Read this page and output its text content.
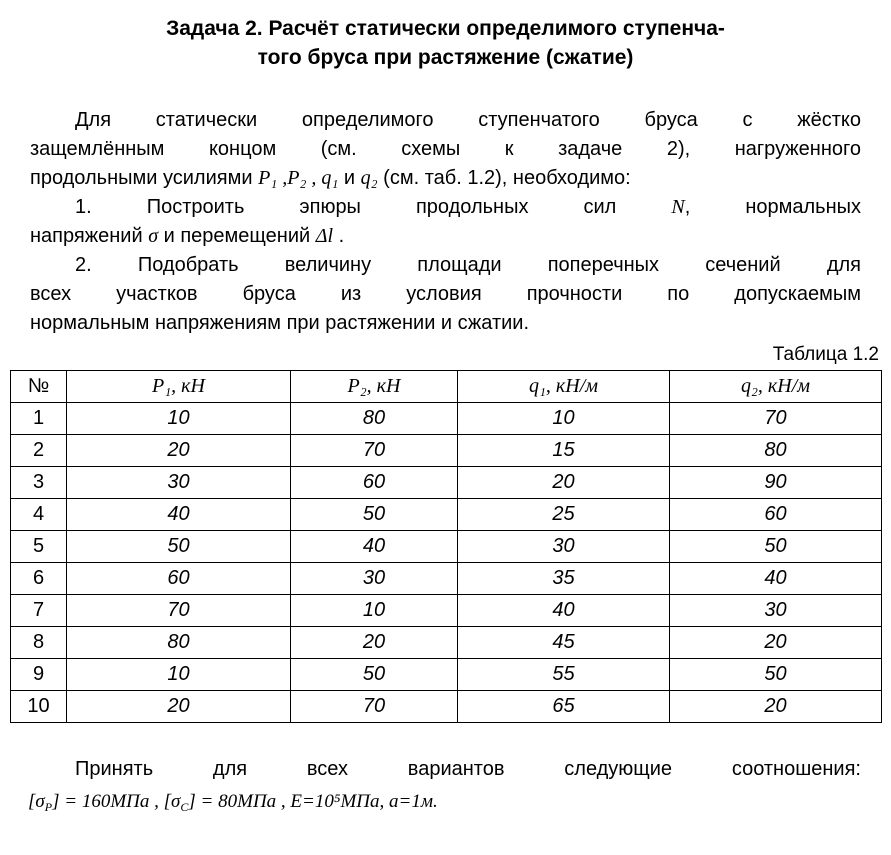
Задача 2. Расчёт статически определимого ступенча-
того бруса при растяжение (сжатие)
Для статически определимого ступенчатого бруса с жёстко
защемлённым концом (см. схемы к задаче 2), нагруженного
продольными усилиями P₁ ,P₂ , q₁ и q₂ (см. таб. 1.2), необходимо:
1. Построить эпюры продольных сил N, нормальных
напряжений σ и перемещений Δl .
2. Подобрать величину площади поперечных сечений для
всех участков бруса из условия прочности по допускаемым
нормальным напряжениям при растяжении и сжатии.
Таблица 1.2
№	P₁, кН	P₂, кН	q₁, кН/м	q₂, кН/м
1	10	80	10	70
2	20	70	15	80
3	30	60	20	90
4	40	50	25	60
5	50	40	30	50
6	60	30	35	40
7	70	10	40	30
8	80	20	45	20
9	10	50	55	50
10	20	70	65	20
Принять для всех вариантов следующие соотношения:
$[\sigma_P] = 160МПа$ , $[\sigma_C] = 80МПа$ , E=10⁵МПа, а=1м.
